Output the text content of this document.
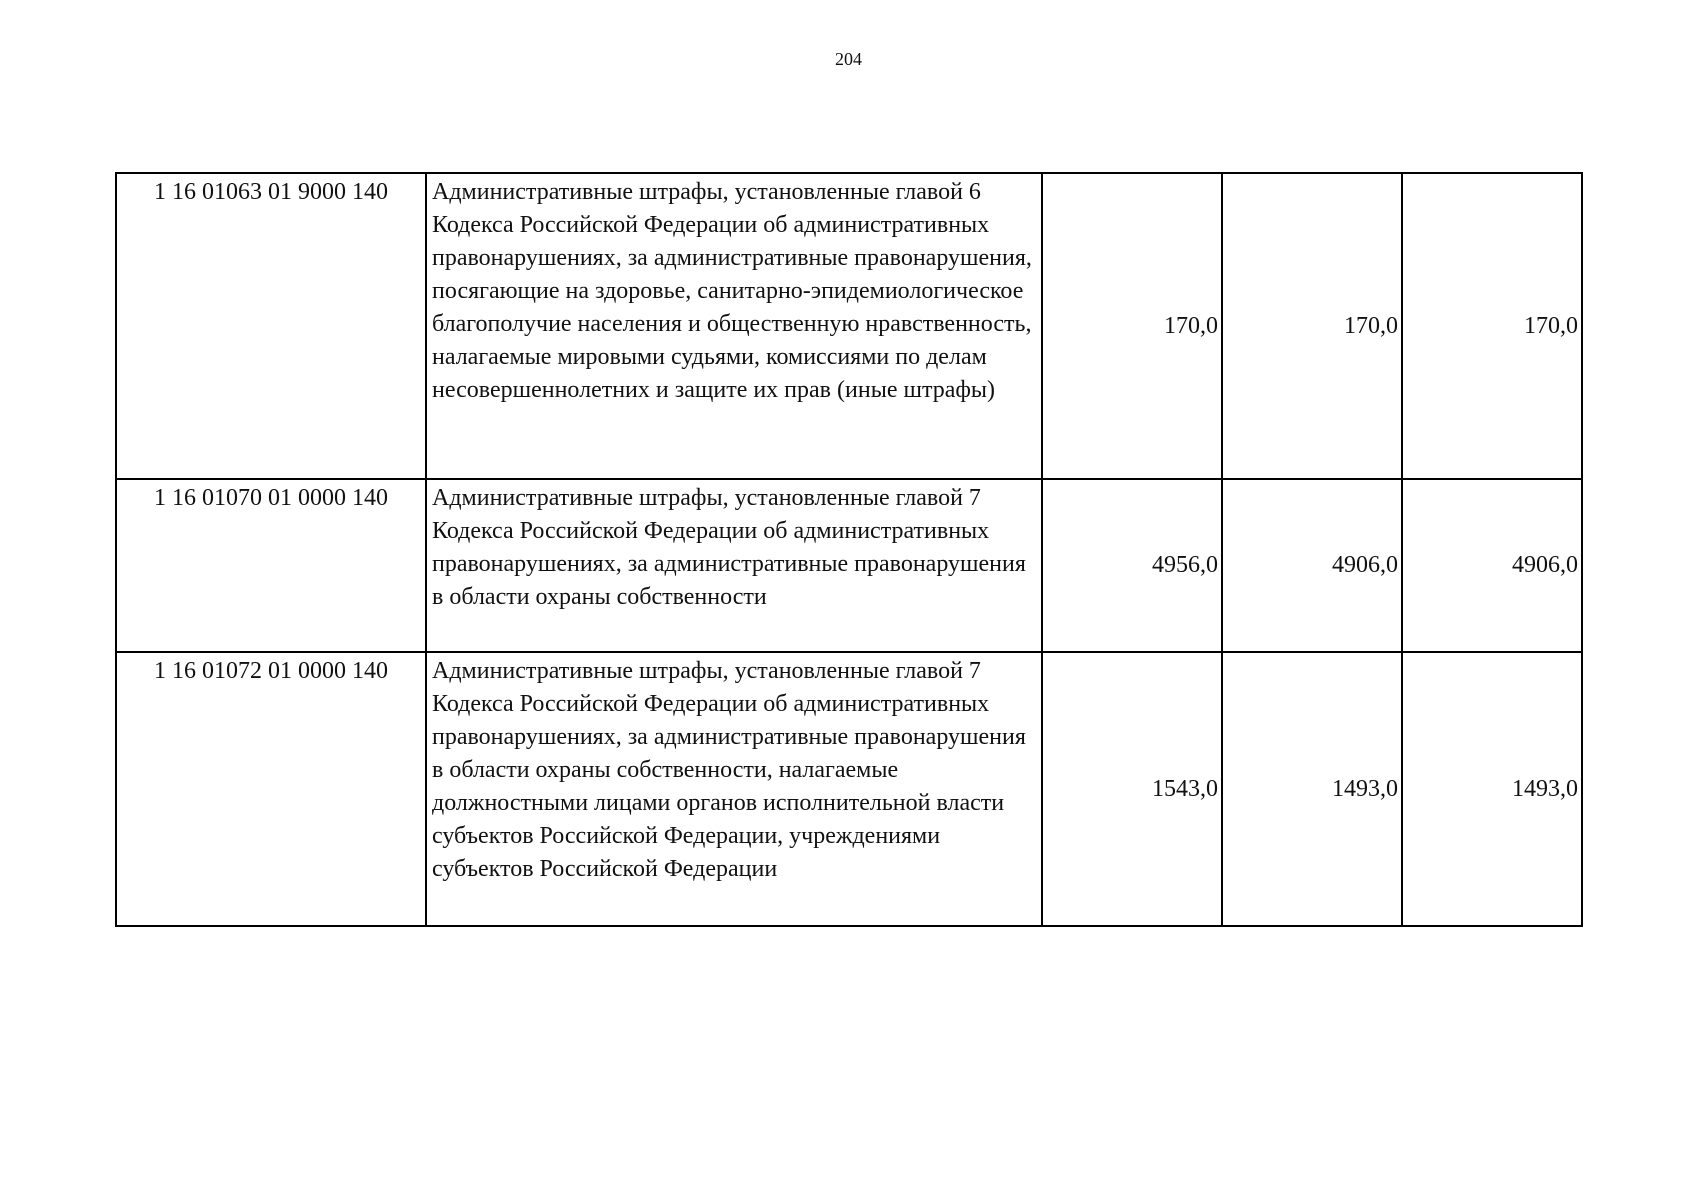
204
1 16 01063 01 9000 140	Административные штрафы, установленные главой 6 Кодекса Российской Федерации об административных правонарушениях, за административные правонарушения, посягающие на здоровье, санитарно-эпидемиологическое благополучие населения и общественную нравственность, налагаемые мировыми судьями, комиссиями по делам несовершеннолетних и защите их прав (иные штрафы)	170,0	170,0	170,0
1 16 01070 01 0000 140	Административные штрафы, установленные главой 7 Кодекса Российской Федерации об административных правонарушениях, за административные правонарушения в области охраны собственности	4956,0	4906,0	4906,0
1 16 01072 01 0000 140	Административные штрафы, установленные главой 7 Кодекса Российской Федерации об административных правонарушениях, за административные правонарушения в области охраны собственности, налагаемые должностными лицами органов исполнительной власти субъектов Российской Федерации, учреждениями субъектов Российской Федерации	1543,0	1493,0	1493,0
